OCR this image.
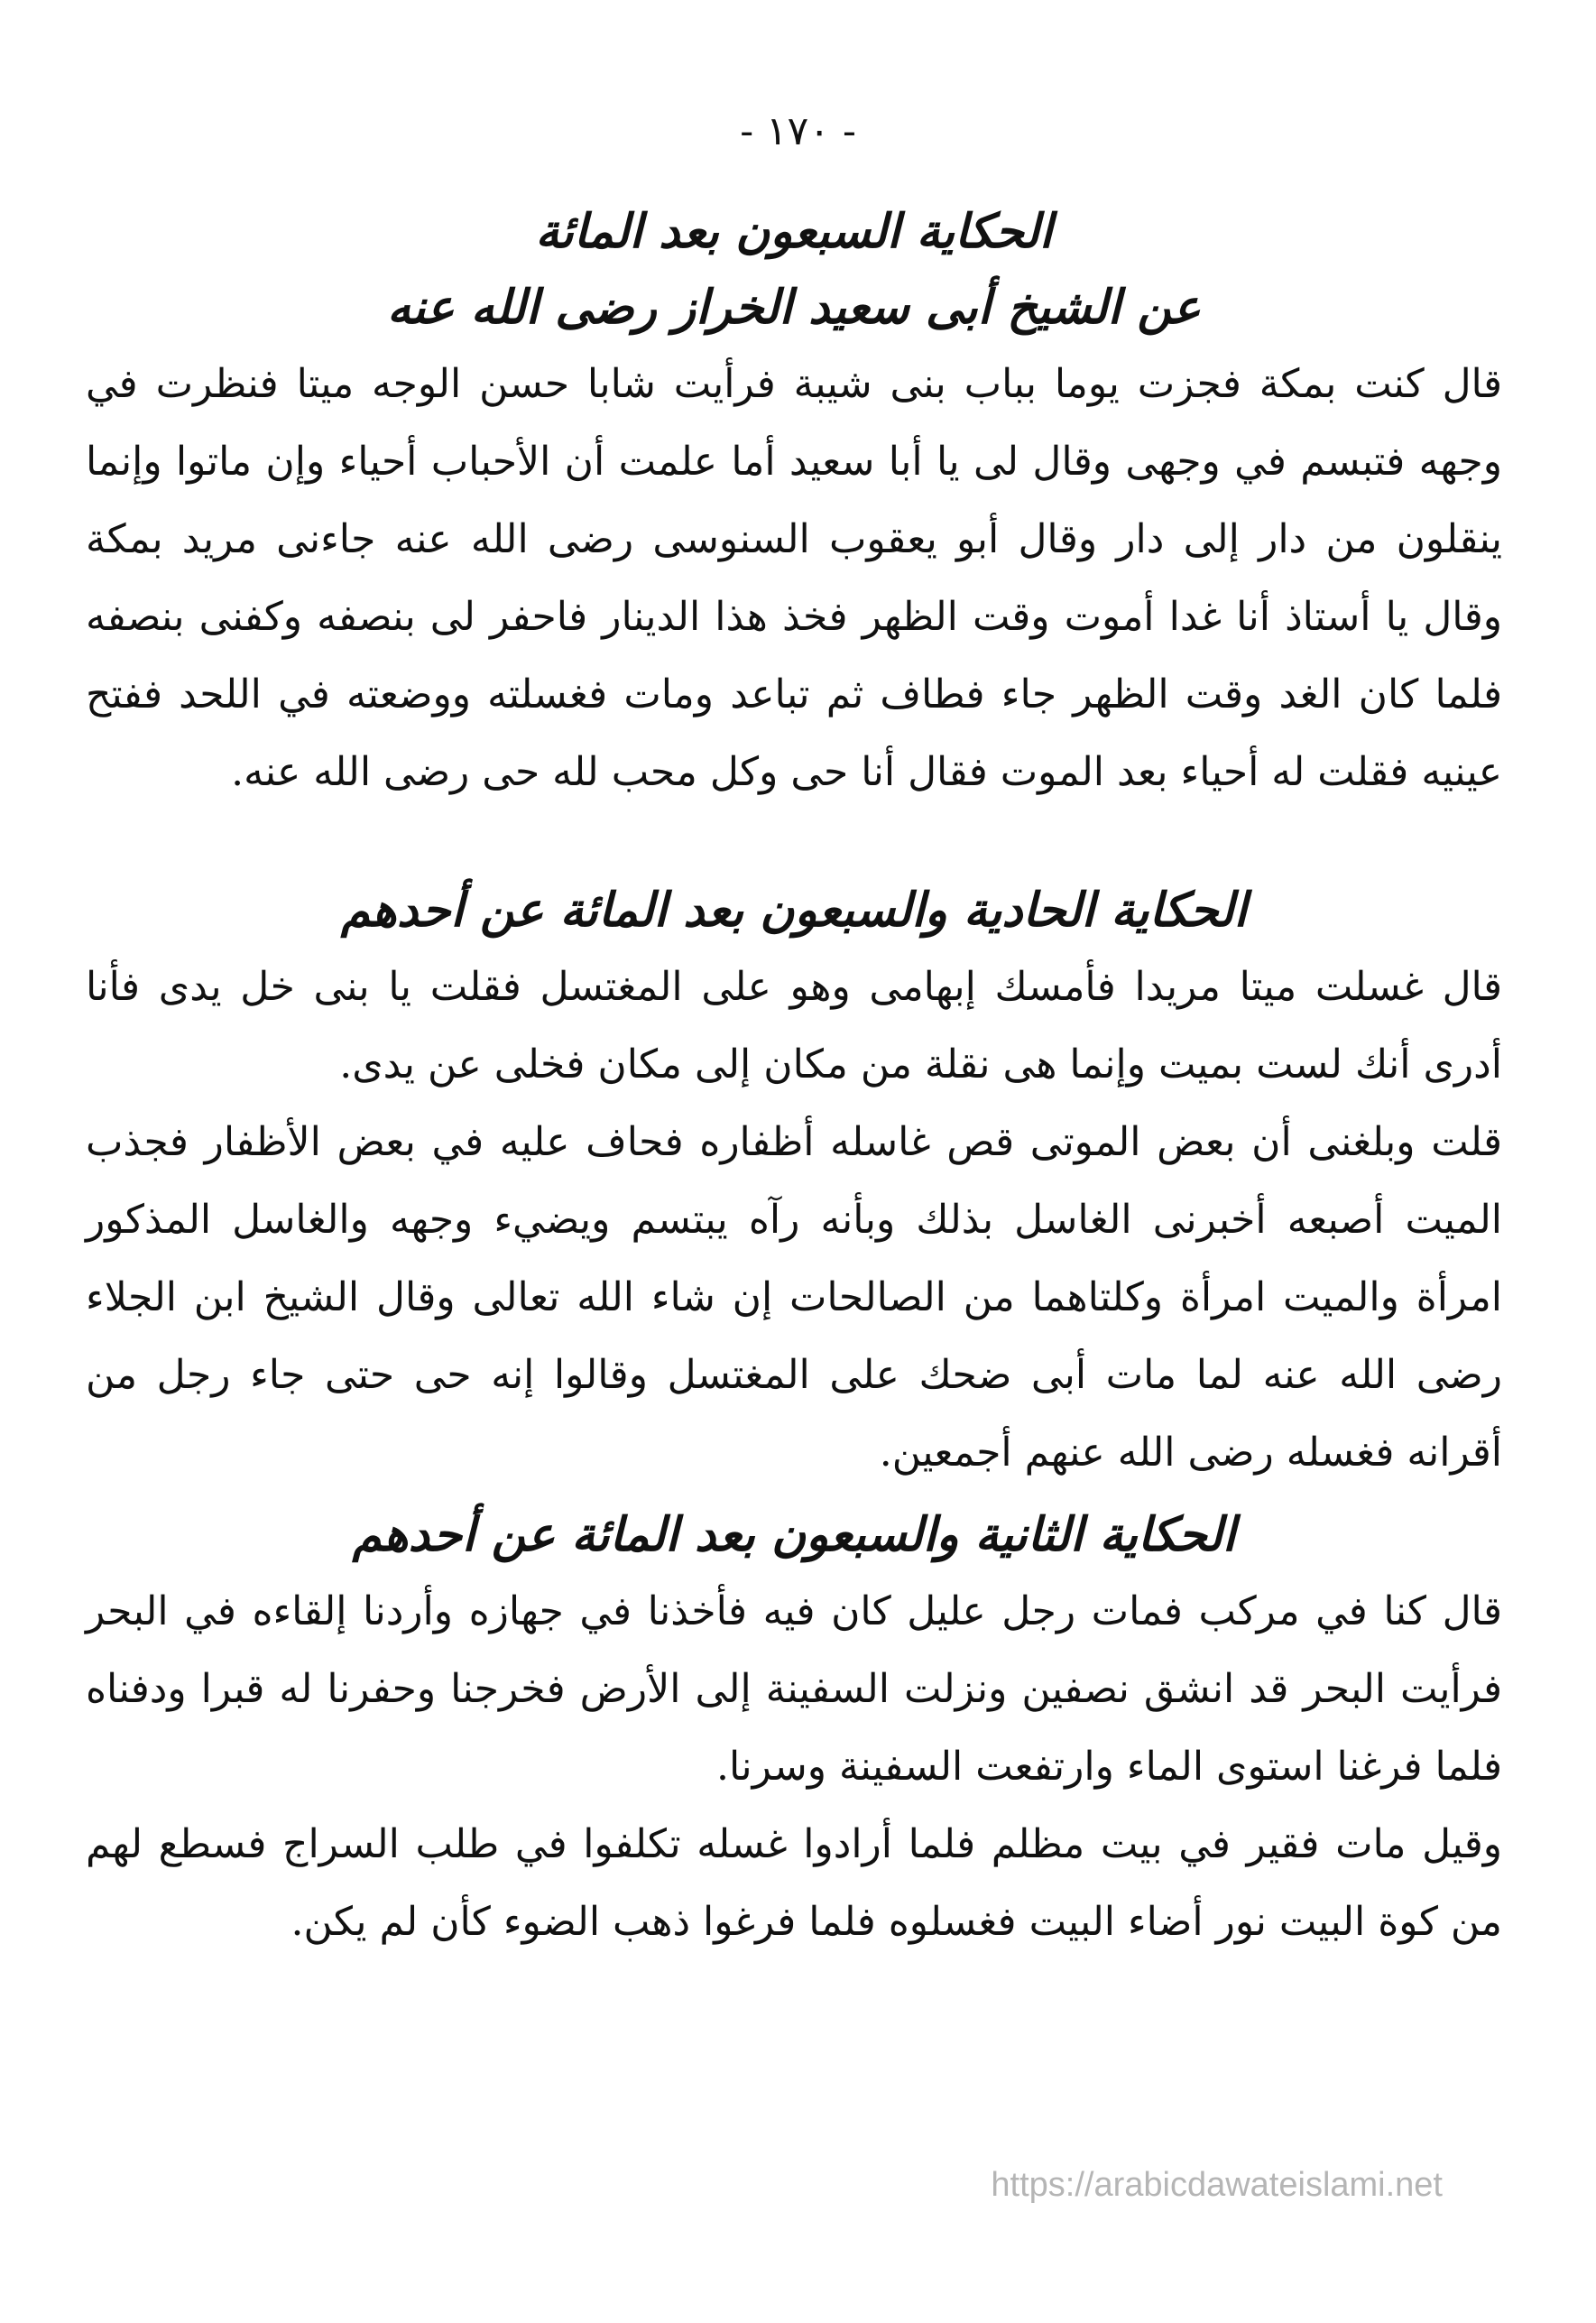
- ١٧٠ -
الحكاية السبعون بعد المائة
عن الشيخ أبى سعيد الخراز رضى الله عنه

قال كنت بمكة فجزت يوما بباب بنى شيبة فرأيت شابا حسن الوجه ميتا فنظرت في وجهه فتبسم في وجهى وقال لى يا أبا سعيد أما علمت أن الأحباب أحياء وإن ماتوا وإنما ينقلون من دار إلى دار وقال أبو يعقوب السنوسى رضى الله عنه جاءنى مريد بمكة وقال يا أستاذ أنا غدا أموت وقت الظهر فخذ هذا الدينار فاحفر لى بنصفه وكفنى بنصفه فلما كان الغد وقت الظهر جاء فطاف ثم تباعد ومات فغسلته ووضعته في اللحد ففتح عينيه فقلت له أحياء بعد الموت فقال أنا حى وكل محب لله حى رضى الله عنه.

الحكاية الحادية والسبعون بعد المائة عن أحدهم

قال غسلت ميتا مريدا فأمسك إبهامى وهو على المغتسل فقلت يا بنى خل يدى فأنا أدرى أنك لست بميت وإنما هى نقلة من مكان إلى مكان فخلى عن يدى.

قلت وبلغنى أن بعض الموتى قص غاسله أظفاره فحاف عليه في بعض الأظفار فجذب الميت أصبعه أخبرنى الغاسل بذلك وبأنه رآه يبتسم ويضيء وجهه والغاسل المذكور امرأة والميت امرأة وكلتاهما من الصالحات إن شاء الله تعالى وقال الشيخ ابن الجلاء رضى الله عنه لما مات أبى ضحك على المغتسل وقالوا إنه حى حتى جاء رجل من أقرانه فغسله رضى الله عنهم أجمعين.

الحكاية الثانية والسبعون بعد المائة عن أحدهم

قال كنا في مركب فمات رجل عليل كان فيه فأخذنا في جهازه وأردنا إلقاءه في البحر فرأيت البحر قد انشق نصفين ونزلت السفينة إلى الأرض فخرجنا وحفرنا له قبرا ودفناه فلما فرغنا استوى الماء وارتفعت السفينة وسرنا.

وقيل مات فقير في بيت مظلم فلما أرادوا غسله تكلفوا في طلب السراج فسطع لهم من كوة البيت نور أضاء البيت فغسلوه فلما فرغوا ذهب الضوء كأن لم يكن.

https://arabicdawateislami.net
